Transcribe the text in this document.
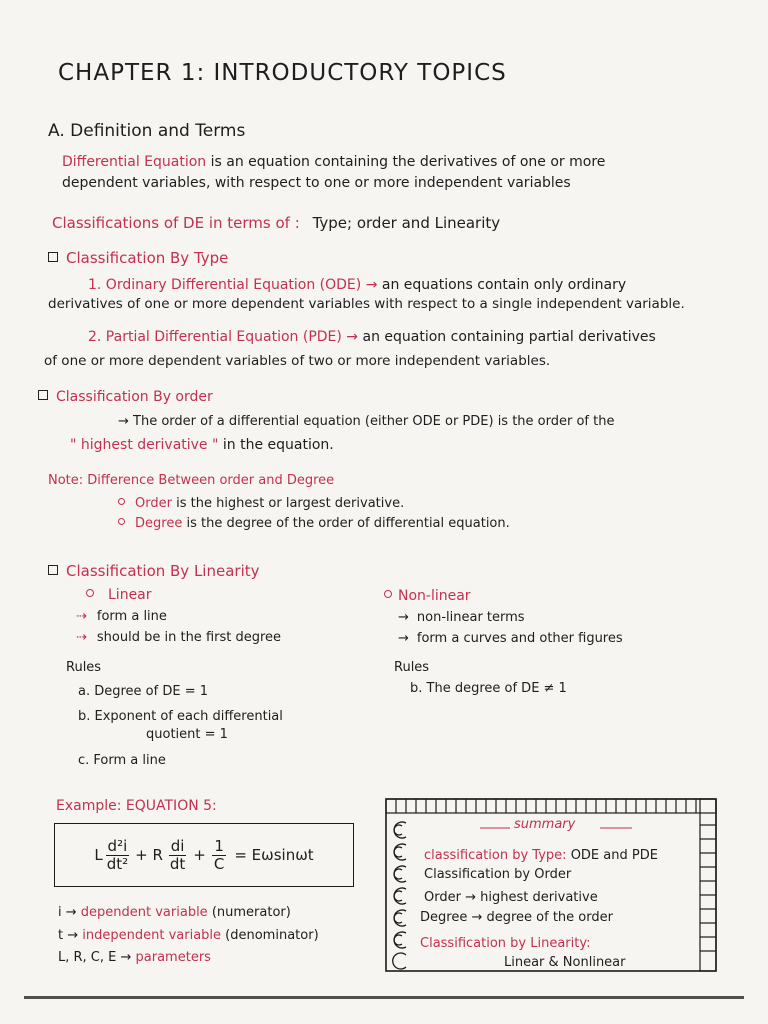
CHAPTER 1: INTRODUCTORY TOPICS
A. Definition and Terms
Differential Equation is an equation containing the derivatives of one or more
dependent variables, with respect to one or more independent variables
Classifications of DE in terms of : Type; order and Linearity
Classification By Type
1. Ordinary Differential Equation (ODE) → an equations contain only ordinary
derivatives of one or more dependent variables with respect to a single independent variable.
2. Partial Differential Equation (PDE) → an equation containing partial derivatives
of one or more dependent variables of two or more independent variables.
Classification By order
→ The order of a differential equation (either ODE or PDE) is the order of the
" highest derivative " in the equation.
Note: Difference Between order and Degree
Order is the highest or largest derivative.
Degree is the degree of the order of differential equation.
Classification By Linearity
Linear
⇢ form a line
⇢ should be in the first degree
Non-linear
→ non-linear terms
→ form a curves and other figures
Rules
a. Degree of DE = 1
b. Exponent of each differential
quotient = 1
c. Form a line
Rules
b. The degree of DE ≠ 1
Example: EQUATION 5:
L $\frac{\text{d²i}}{\text{dt²}} + R \frac{di}{dt} + \frac{1}{C} = E\omega\sin\omega t$
i → dependent variable (numerator)
t → independent variable (denominator)
L, R, C, E → parameters
summary
classification by Type: ODE and PDE
Classification by Order
Order → highest derivative
Degree → degree of the order
Classification by Linearity:
Linear & Nonlinear
